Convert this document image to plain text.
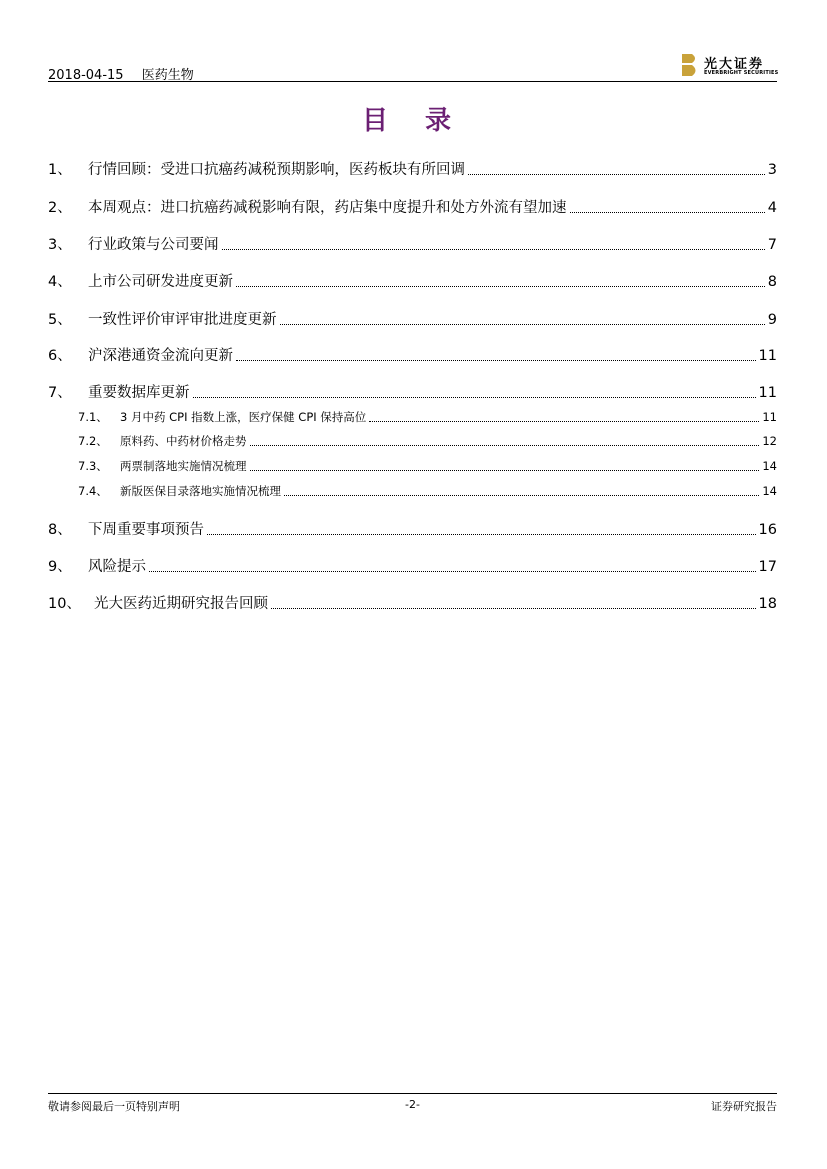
2018-04-15 医药生物
光大证券
EVERBRIGHT SECURITIES
目 录
1、	行情回顾：受进口抗癌药减税预期影响，医药板块有所回调	3
2、	本周观点：进口抗癌药减税影响有限，药店集中度提升和处方外流有望加速	4
3、	行业政策与公司要闻	7
4、	上市公司研发进度更新	8
5、	一致性评价审评审批进度更新	9
6、	沪深港通资金流向更新	11
7、	重要数据库更新	11
7.1、	3 月中药 CPI 指数上涨，医疗保健 CPI 保持高位	11
7.2、	原料药、中药材价格走势	12
7.3、	两票制落地实施情况梳理	14
7.4、	新版医保目录落地实施情况梳理	14
8、	下周重要事项预告	16
9、	风险提示	17
10、 光大医药近期研究报告回顾	18
敬请参阅最后一页特别声明	-2-	证券研究报告
